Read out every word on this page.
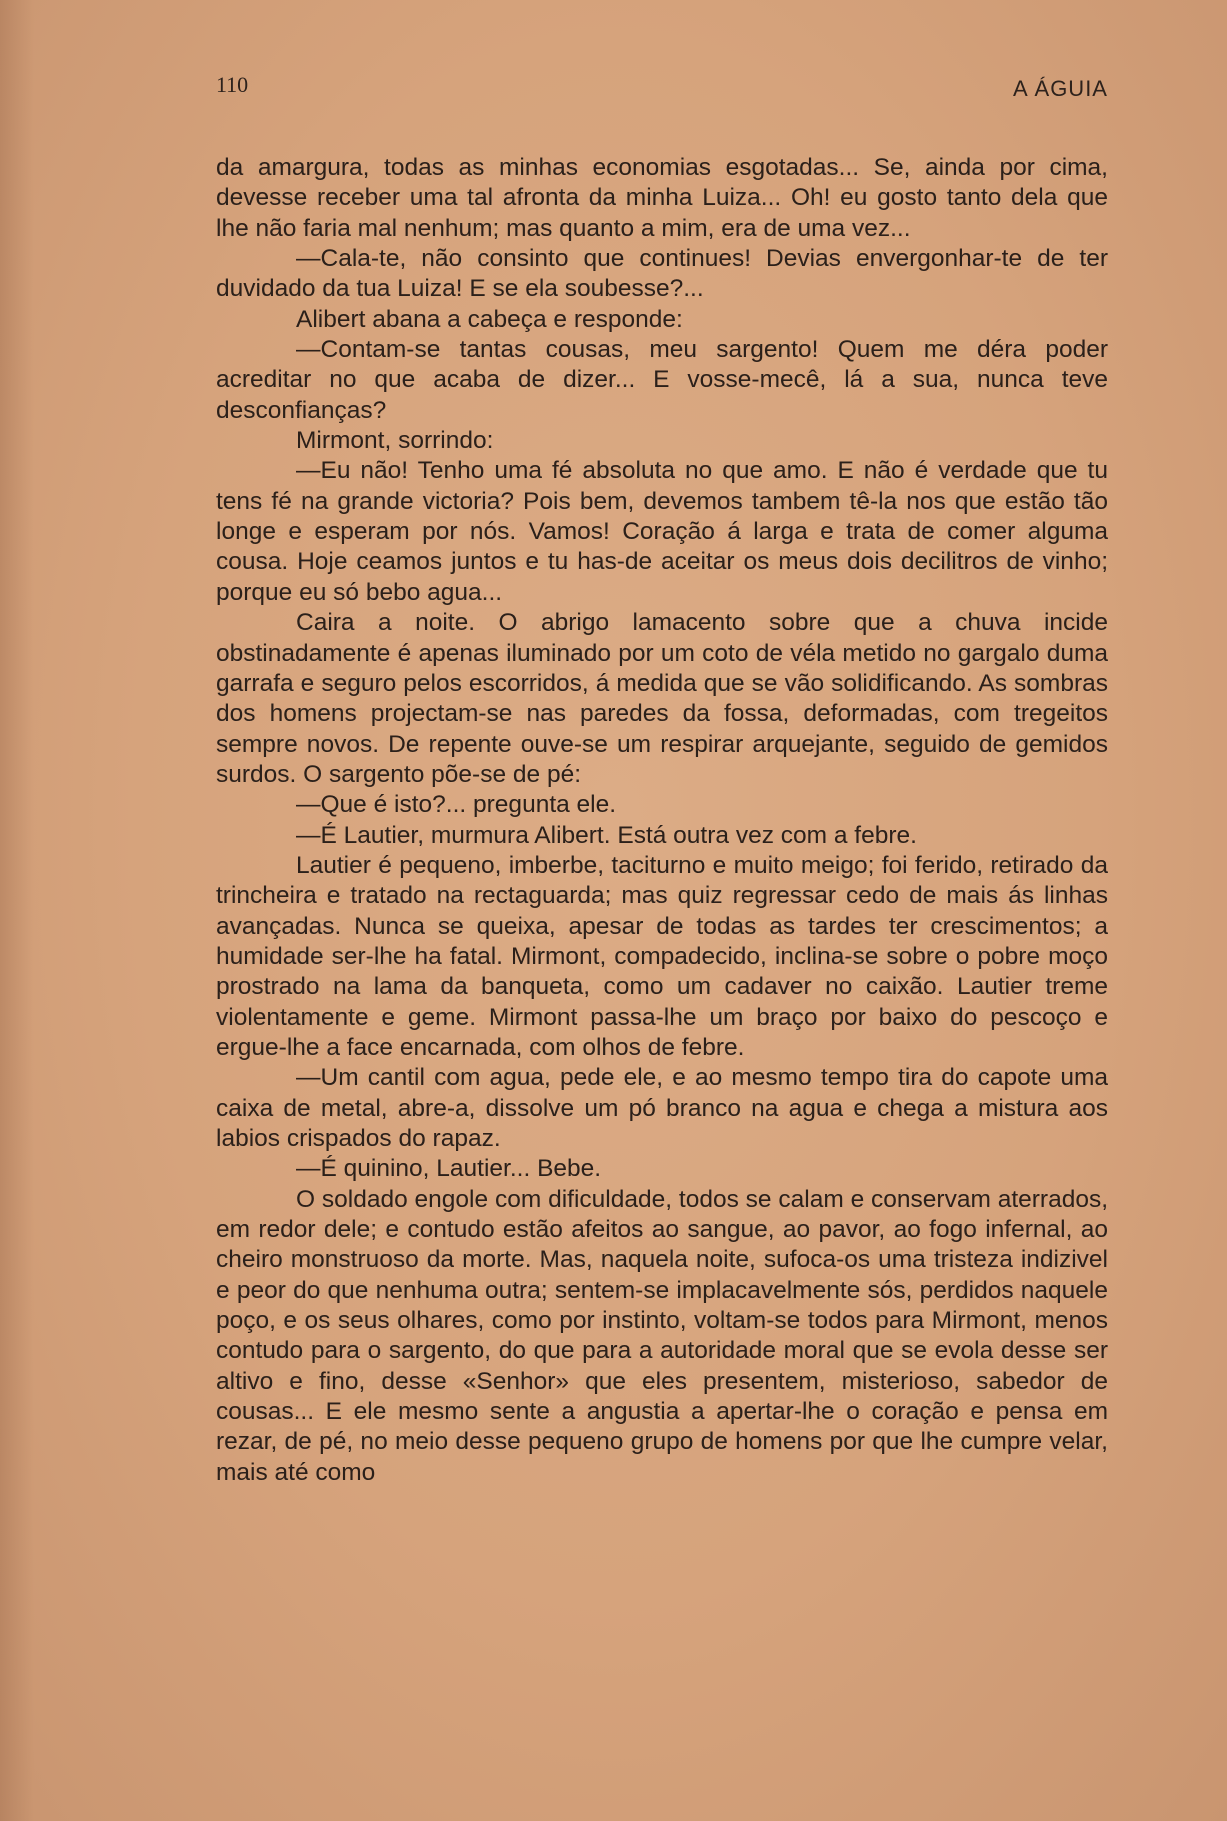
110	A ÁGUIA

da amargura, todas as minhas economias esgotadas... Se, ainda por cima, devesse receber uma tal afronta da minha Luiza... Oh! eu gosto tanto dela que lhe não faria mal nenhum; mas quanto a mim, era de uma vez...

—Cala-te, não consinto que continues! Devias envergonhar-te de ter duvidado da tua Luiza! E se ela soubesse?...

Alibert abana a cabeça e responde:

—Contam-se tantas cousas, meu sargento! Quem me déra poder acreditar no que acaba de dizer... E vosse-mecê, lá a sua, nunca teve desconfianças?

Mirmont, sorrindo:

—Eu não! Tenho uma fé absoluta no que amo. E não é verdade que tu tens fé na grande victoria? Pois bem, devemos tambem tê-la nos que estão tão longe e esperam por nós. Vamos! Coração á larga e trata de comer alguma cousa. Hoje ceamos juntos e tu has-de aceitar os meus dois decilitros de vinho; porque eu só bebo agua...

Caira a noite. O abrigo lamacento sobre que a chuva incide obstinadamente é apenas iluminado por um coto de véla metido no gargalo duma garrafa e seguro pelos escorridos, á medida que se vão solidificando. As sombras dos homens projectam-se nas paredes da fossa, deformadas, com tregeitos sempre novos. De repente ouve-se um respirar arquejante, seguido de gemidos surdos. O sargento põe-se de pé:

—Que é isto?... pregunta ele.

—É Lautier, murmura Alibert. Está outra vez com a febre.

Lautier é pequeno, imberbe, taciturno e muito meigo; foi ferido, retirado da trincheira e tratado na rectaguarda; mas quiz regressar cedo de mais ás linhas avançadas. Nunca se queixa, apesar de todas as tardes ter crescimentos; a humidade ser-lhe ha fatal. Mirmont, compadecido, inclina-se sobre o pobre moço prostrado na lama da banqueta, como um cadaver no caixão. Lautier treme violentamente e geme. Mirmont passa-lhe um braço por baixo do pescoço e ergue-lhe a face encarnada, com olhos de febre.

—Um cantil com agua, pede ele, e ao mesmo tempo tira do capote uma caixa de metal, abre-a, dissolve um pó branco na agua e chega a mistura aos labios crispados do rapaz.

—É quinino, Lautier... Bebe.

O soldado engole com dificuldade, todos se calam e conservam aterrados, em redor dele; e contudo estão afeitos ao sangue, ao pavor, ao fogo infernal, ao cheiro monstruoso da morte. Mas, naquela noite, sufoca-os uma tristeza indizivel e peor do que nenhuma outra; sentem-se implacavelmente sós, perdidos naquele poço, e os seus olhares, como por instinto, voltam-se todos para Mirmont, menos contudo para o sargento, do que para a autoridade moral que se evola desse ser altivo e fino, desse «Senhor» que eles presentem, misterioso, sabedor de cousas... E ele mesmo sente a angustia a apertar-lhe o coração e pensa em rezar, de pé, no meio desse pequeno grupo de homens por que lhe cumpre velar, mais até como
